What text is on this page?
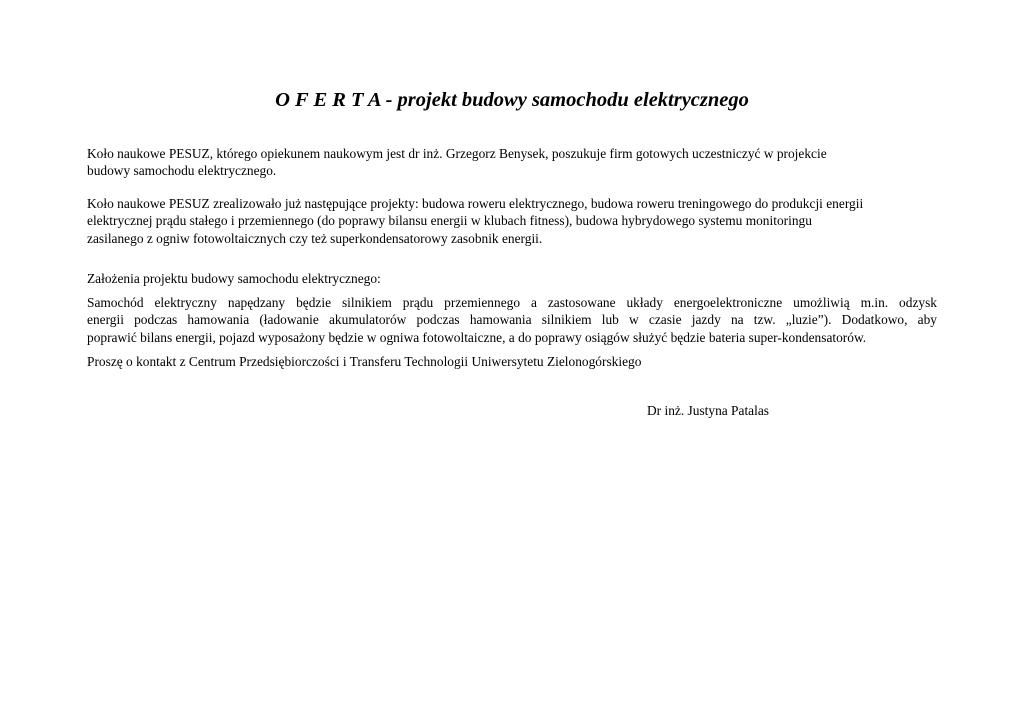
O F E R T A - projekt budowy samochodu elektrycznego
Koło naukowe PESUZ, którego opiekunem naukowym jest dr inż. Grzegorz Benysek, poszukuje firm gotowych uczestniczyć w projekcie
budowy samochodu elektrycznego.
Koło naukowe PESUZ zrealizowało już następujące projekty: budowa roweru elektrycznego, budowa roweru treningowego do produkcji energii
elektrycznej prądu stałego i przemiennego (do poprawy bilansu energii w klubach fitness), budowa hybrydowego systemu monitoringu
zasilanego z ogniw fotowoltaicznych czy też superkondensatorowy zasobnik energii.
Założenia projektu budowy samochodu elektrycznego:
Samochód elektryczny napędzany będzie silnikiem prądu przemiennego a zastosowane układy energoelektroniczne umożliwią m.in. odzysk
energii podczas hamowania (ładowanie akumulatorów podczas hamowania silnikiem lub w czasie jazdy na tzw. „luzie”). Dodatkowo, aby
poprawić bilans energii, pojazd wyposażony będzie w ogniwa fotowoltaiczne, a do poprawy osiągów służyć będzie bateria super-kondensatorów.
Proszę o kontakt z Centrum Przedsiębiorczości i Transferu Technologii Uniwersytetu Zielonogórskiego
Dr inż. Justyna Patalas
